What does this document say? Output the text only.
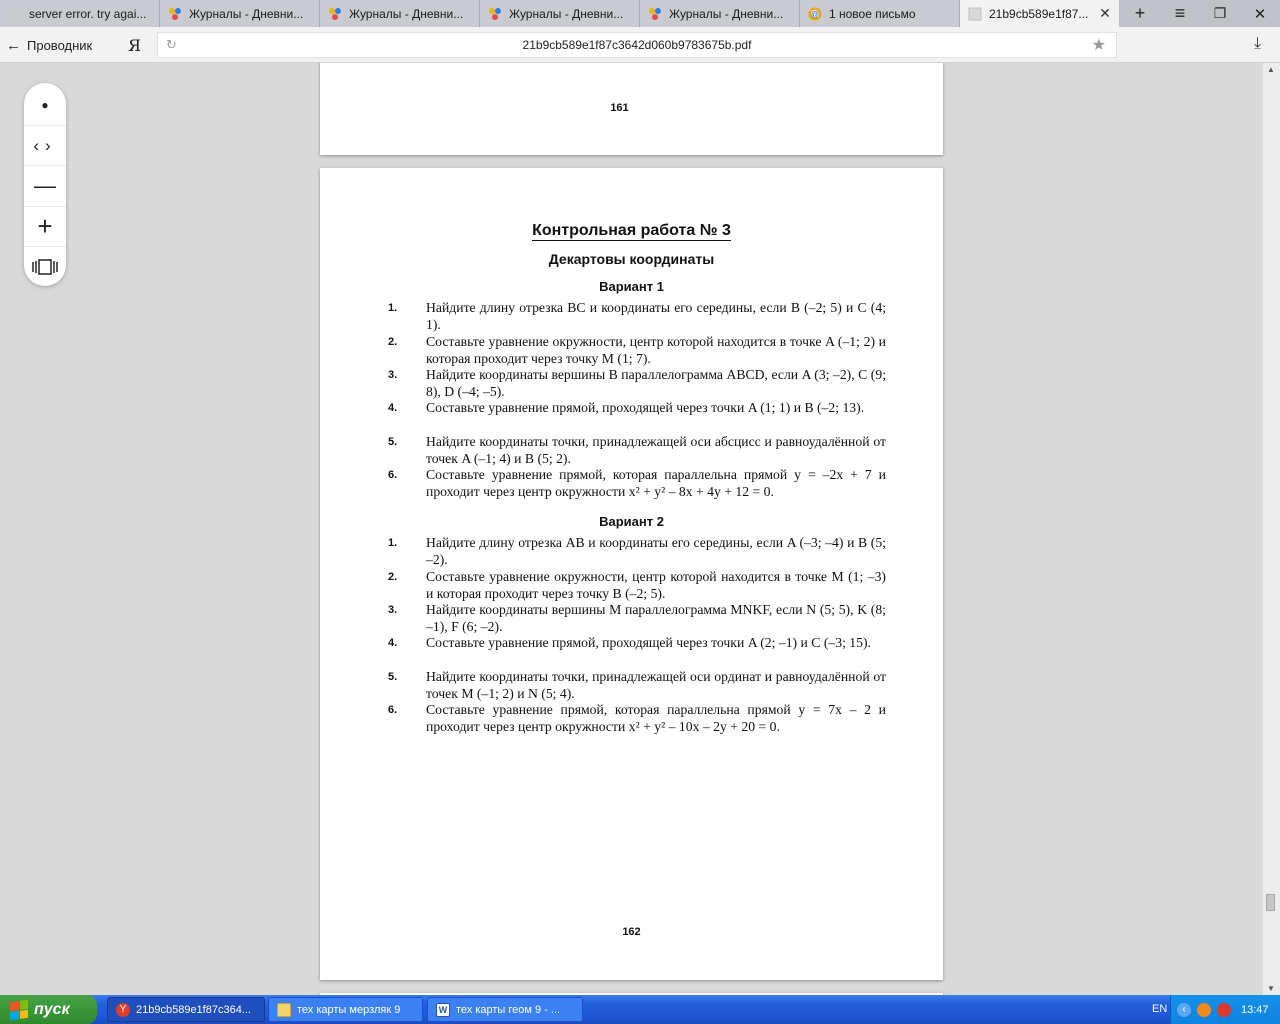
Я server error. try agai...	Журналы - Дневни...	Журналы - Дневни...	Журналы - Дневни...	Журналы - Дневни...	@ 1 новое письмо	21b9cb589e1f87... ✕	+	≡	❐	✕
← Проводник Я ↻	21b9cb589e1f87c3642d060b9783675b.pdf	★	⤓
●
‹›
—
+
161
Контрольная работа № 3
Декартовы координаты
Вариант 1
1. Найдите длину отрезка BC и координаты его середины, если B (–2; 5) и C (4; 1).
2. Составьте уравнение окружности, центр которой находится в точке A (–1; 2) и которая проходит через точку M (1; 7).
3. Найдите координаты вершины B параллелограмма ABCD, если A (3; –2), C (9; 8), D (–4; –5).
4. Составьте уравнение прямой, проходящей через точки A (1; 1) и B (–2; 13).
5. Найдите координаты точки, принадлежащей оси абсцисс и равноудалённой от точек A (–1; 4) и B (5; 2).
6. Составьте уравнение прямой, которая параллельна прямой y = –2x + 7 и проходит через центр окружности x² + y² – 8x + 4y + 12 = 0.
Вариант 2
1. Найдите длину отрезка AB и координаты его середины, если A (–3; –4) и B (5; –2).
2. Составьте уравнение окружности, центр которой находится в точке M (1; –3) и которая проходит через точку B (–2; 5).
3. Найдите координаты вершины M параллелограмма MNKF, если N (5; 5), K (8; –1), F (6; –2).
4. Составьте уравнение прямой, проходящей через точки A (2; –1) и C (–3; 15).
5. Найдите координаты точки, принадлежащей оси ординат и равноудалённой от точек M (–1; 2) и N (5; 4).
6. Составьте уравнение прямой, которая параллельна прямой y = 7x – 2 и проходит через центр окружности x² + y² – 10x – 2y + 20 = 0.
162
▲
▼
пуск	Y 21b9cb589e1f87c364...	тех карты мерзляк 9	W тех карты геом 9 - ...	EN	‹	13:47
